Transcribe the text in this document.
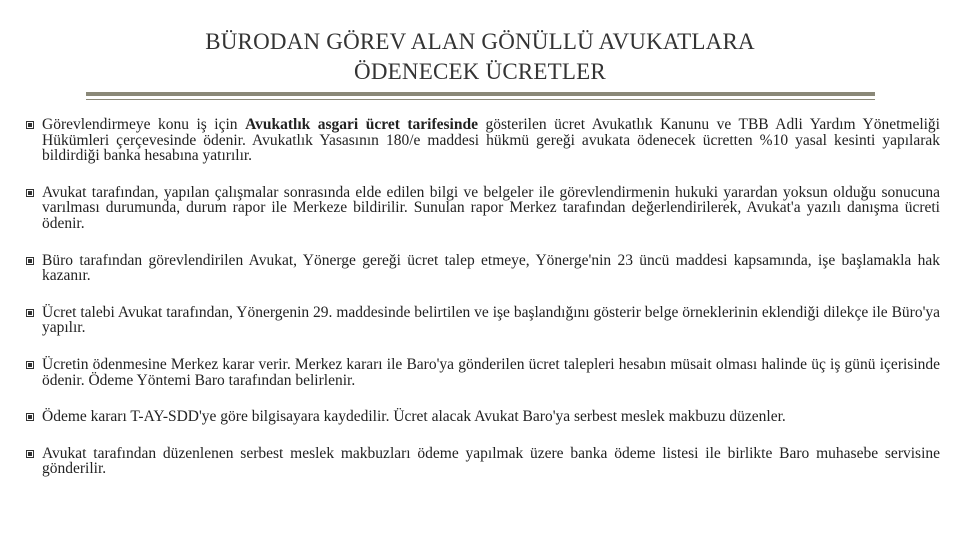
BÜRODAN GÖREV ALAN GÖNÜLLÜ AVUKATLARA
ÖDENECEK ÜCRETLER
Görevlendirmeye konu iş için Avukatlık asgari ücret tarifesinde gösterilen ücret Avukatlık Kanunu ve TBB Adli Yardım Yönetmeliği Hükümleri çerçevesinde ödenir. Avukatlık Yasasının 180/e maddesi hükmü gereği avukata ödenecek ücretten %10 yasal kesinti yapılarak bildirdiği banka hesabına yatırılır.
Avukat tarafından, yapılan çalışmalar sonrasında elde edilen bilgi ve belgeler ile görevlendirmenin hukuki yarardan yoksun olduğu sonucuna varılması durumunda, durum rapor ile Merkeze bildirilir. Sunulan rapor Merkez tarafından değerlendirilerek, Avukat'a yazılı danışma ücreti ödenir.
Büro tarafından görevlendirilen Avukat, Yönerge gereği ücret talep etmeye, Yönerge'nin 23 üncü maddesi kapsamında, işe başlamakla hak kazanır.
Ücret talebi Avukat tarafından, Yönergenin 29. maddesinde belirtilen ve işe başlandığını gösterir belge örneklerinin eklendiği dilekçe ile Büro'ya yapılır.
Ücretin ödenmesine Merkez karar verir. Merkez kararı ile Baro'ya gönderilen ücret talepleri hesabın müsait olması halinde üç iş günü içerisinde ödenir. Ödeme Yöntemi Baro tarafından belirlenir.
Ödeme kararı T-AY-SDD'ye göre bilgisayara kaydedilir. Ücret alacak Avukat Baro'ya serbest meslek makbuzu düzenler.
Avukat tarafından düzenlenen serbest meslek makbuzları ödeme yapılmak üzere banka ödeme listesi ile birlikte Baro muhasebe servisine gönderilir.
